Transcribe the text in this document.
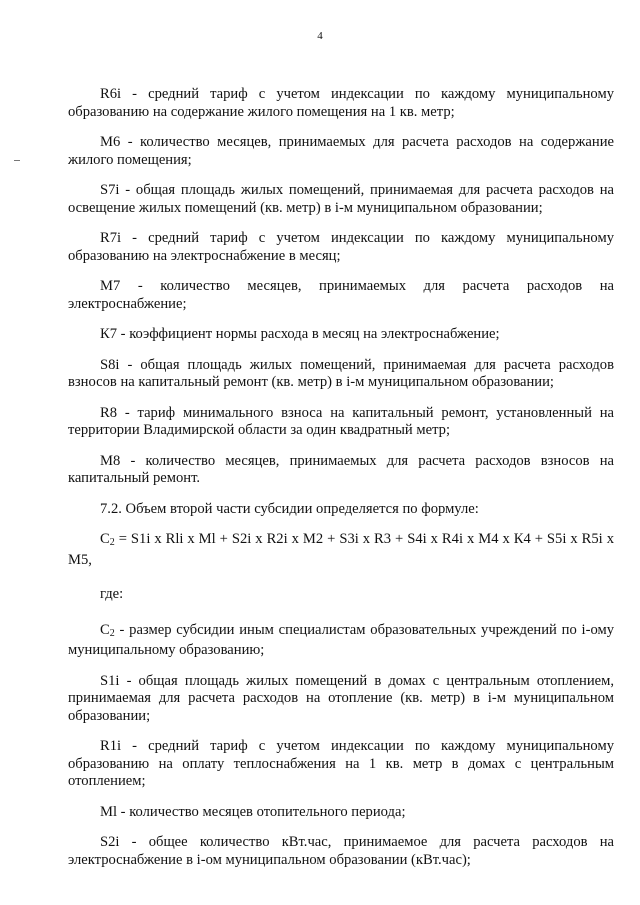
4

R6i - средний тариф с учетом индексации по каждому муниципальному образованию на содержание жилого помещения на 1 кв. метр;

М6 - количество месяцев, принимаемых для расчета расходов на содержание жилого помещения;

S7i - общая площадь жилых помещений, принимаемая для расчета расходов на освещение жилых помещений (кв. метр) в i-м муниципальном образовании;

R7i - средний тариф с учетом индексации по каждому муниципальному образованию на электроснабжение в месяц;

М7 - количество месяцев, принимаемых для расчета расходов на

электроснабжение;

К7 - коэффициент нормы расхода в месяц на электроснабжение;

S8i - общая площадь жилых помещений, принимаемая для расчета расходов взносов на капитальный ремонт (кв. метр) в i-м муниципальном образовании;

R8 - тариф минимального взноса на капитальный ремонт, установленный на территории Владимирской области за один квадратный метр;

М8 - количество месяцев, принимаемых для расчета расходов взносов на капитальный ремонт.

7.2. Объем второй части субсидии определяется по формуле:

$С_2 = S1i$ х Rli х Ml + S2i х R2i х М2 + S3i х R3 + S4i х R4i х М4 х К4 + S5i х R5i х М5,

где:

$С_2$ - размер субсидии иным специалистам образовательных учреждений по i-ому муниципальному образованию;

S1i - общая площадь жилых помещений в домах с центральным отоплением, принимаемая для расчета расходов на отопление (кв. метр) в i-м муниципальном образовании;

R1i - средний тариф с учетом индексации по каждому муниципальному образованию на оплату теплоснабжения на 1 кв. метр в домах с центральным отоплением;

Ml - количество месяцев отопительного периода;

S2i - общее количество кВт.час, принимаемое для расчета расходов на электроснабжение в i-ом муниципальном образовании (кВт.час);
